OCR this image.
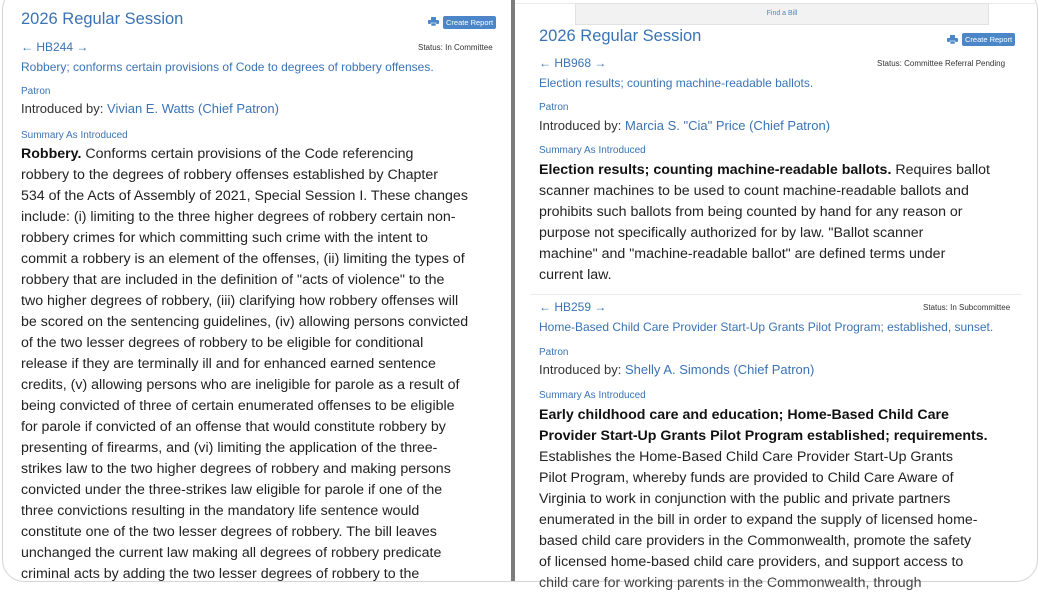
2026 Regular Session	Create Report
← HB244 →	Status: In Committee
Robbery; conforms certain provisions of Code to degrees of robbery offenses.
Patron
Introduced by: Vivian E. Watts (Chief Patron)
Summary As Introduced
Robbery. Conforms certain provisions of the Code referencing
robbery to the degrees of robbery offenses established by Chapter
534 of the Acts of Assembly of 2021, Special Session I. These changes
include: (i) limiting to the three higher degrees of robbery certain non-
robbery crimes for which committing such crime with the intent to
commit a robbery is an element of the offenses, (ii) limiting the types of
robbery that are included in the definition of "acts of violence" to the
two higher degrees of robbery, (iii) clarifying how robbery offenses will
be scored on the sentencing guidelines, (iv) allowing persons convicted
of the two lesser degrees of robbery to be eligible for conditional
release if they are terminally ill and for enhanced earned sentence
credits, (v) allowing persons who are ineligible for parole as a result of
being convicted of three of certain enumerated offenses to be eligible
for parole if convicted of an offense that would constitute robbery by
presenting of firearms, and (vi) limiting the application of the three-
strikes law to the two higher degrees of robbery and making persons
convicted under the three-strikes law eligible for parole if one of the
three convictions resulting in the mandatory life sentence would
constitute one of the two lesser degrees of robbery. The bill leaves
unchanged the current law making all degrees of robbery predicate
criminal acts by adding the two lesser degrees of robbery to the
Find a Bill
2026 Regular Session	Create Report
← HB968 →	Status: Committee Referral Pending
Election results; counting machine-readable ballots.
Patron
Introduced by: Marcia S. "Cia" Price (Chief Patron)
Summary As Introduced
Election results; counting machine-readable ballots. Requires ballot
scanner machines to be used to count machine-readable ballots and
prohibits such ballots from being counted by hand for any reason or
purpose not specifically authorized for by law. "Ballot scanner
machine" and "machine-readable ballot" are defined terms under
current law.
← HB259 →	Status: In Subcommittee
Home-Based Child Care Provider Start-Up Grants Pilot Program; established, sunset.
Patron
Introduced by: Shelly A. Simonds (Chief Patron)
Summary As Introduced
Early childhood care and education; Home-Based Child Care
Provider Start-Up Grants Pilot Program established; requirements.
Establishes the Home-Based Child Care Provider Start-Up Grants
Pilot Program, whereby funds are provided to Child Care Aware of
Virginia to work in conjunction with the public and private partners
enumerated in the bill in order to expand the supply of licensed home-
based child care providers in the Commonwealth, promote the safety
of licensed home-based child care providers, and support access to
child care for working parents in the Commonwealth, through
